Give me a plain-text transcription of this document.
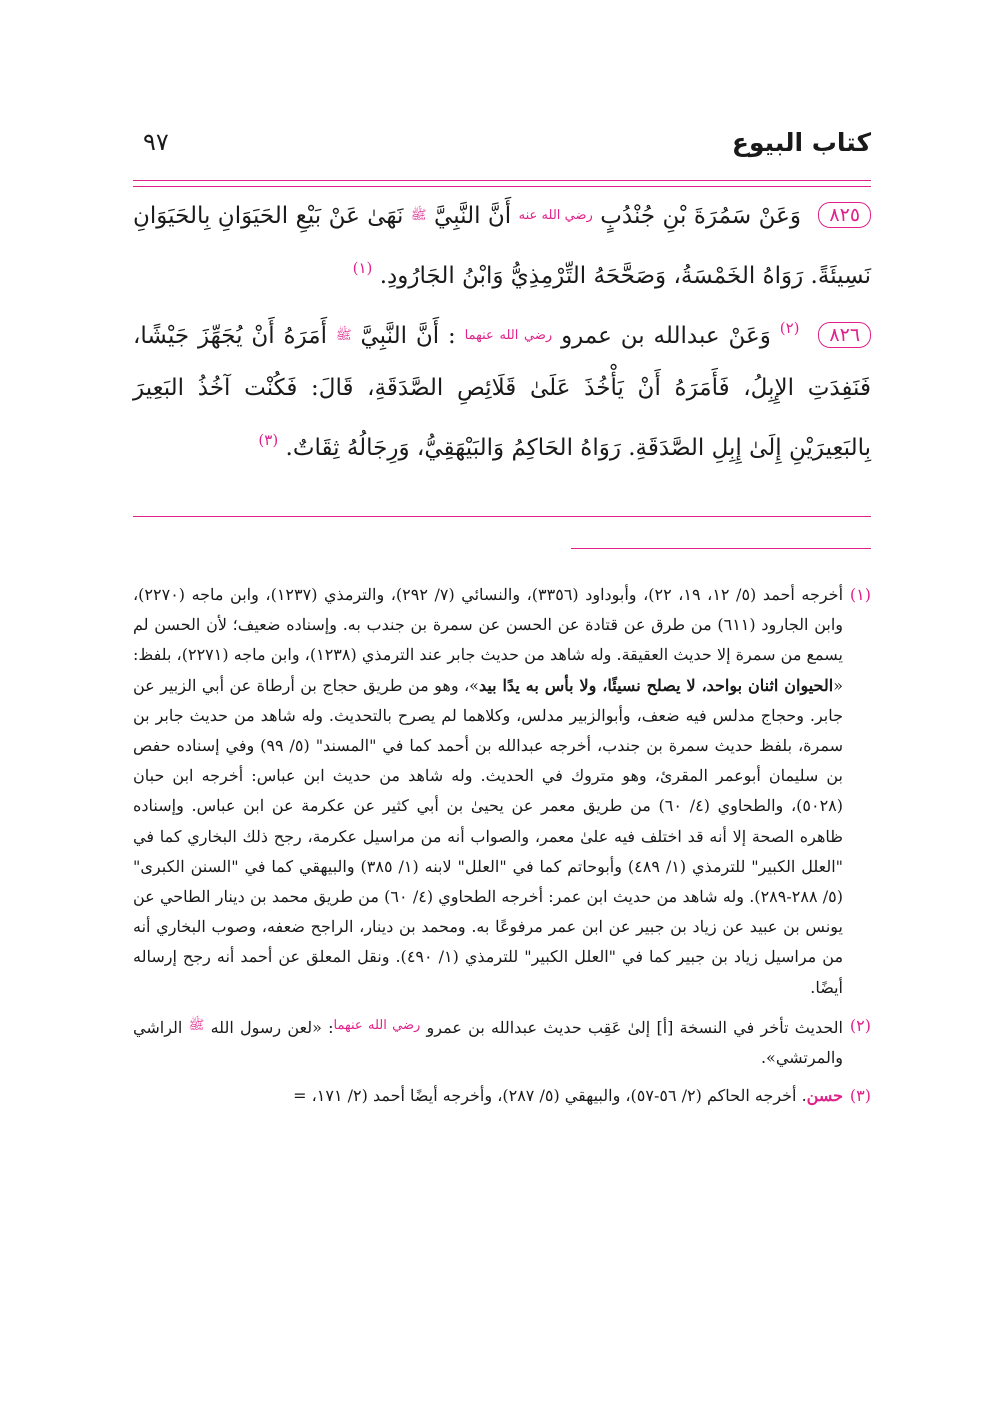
كتاب البيوع
٩٧

٨٢٥ وَعَنْ سَمُرَةَ بْنِ جُنْدُبٍ رضي الله عنه أَنَّ النَّبِيَّ ﷺ نَهَىٰ عَنْ بَيْعِ الحَيَوَانِ بِالحَيَوَانِ نَسِيئَةً. رَوَاهُ الخَمْسَةُ، وَصَحَّحَهُ التِّرْمِذِيُّ وَابْنُ الجَارُودِ. $^{(١)}$

٨٢٦ $^{(٢)}$ وَعَنْ عبدالله بن عمرو رضي الله عنهما : أَنَّ النَّبِيَّ ﷺ أَمَرَهُ أَنْ يُجَهِّزَ جَيْشًا، فَنَفِدَتِ الإِبِلُ، فَأَمَرَهُ أَنْ يَأْخُذَ عَلَىٰ قَلَائِصِ الصَّدَقَةِ، قَالَ: فَكُنْت آخُذُ البَعِيرَ بِالبَعِيرَيْنِ إِلَىٰ إِبِلِ الصَّدَقَةِ. رَوَاهُ الحَاكِمُ وَالبَيْهَقِيُّ، وَرِجَالُهُ ثِقَاتٌ. $^{(٣)}$

(١)
أخرجه أحمد (٥/ ١٢، ١٩، ٢٢)، وأبوداود (٣٣٥٦)، والنسائي (٧/ ٢٩٢)، والترمذي (١٢٣٧)، وابن ماجه (٢٢٧٠)، وابن الجارود (٦١١) من طرق عن قتادة عن الحسن عن سمرة بن جندب به. وإسناده ضعيف؛ لأن الحسن لم يسمع من سمرة إلا حديث العقيقة. وله شاهد من حديث جابر عند الترمذي (١٢٣٨)، وابن ماجه (٢٢٧١)، بلفظ: «الحيوان اثنان بواحد، لا يصلح نسيئًا، ولا بأس به يدًا بيد»، وهو من طريق حجاج بن أرطاة عن أبي الزبير عن جابر. وحجاج مدلس فيه ضعف، وأبوالزبير مدلس، وكلاهما لم يصرح بالتحديث. وله شاهد من حديث جابر بن سمرة، بلفظ حديث سمرة بن جندب، أخرجه عبدالله بن أحمد كما في "المسند" (٥/ ٩٩) وفي إسناده حفص بن سليمان أبوعمر المقرئ، وهو متروك في الحديث. وله شاهد من حديث ابن عباس: أخرجه ابن حبان (٥٠٢٨)، والطحاوي (٤/ ٦٠) من طريق معمر عن يحيىٰ بن أبي كثير عن عكرمة عن ابن عباس. وإسناده ظاهره الصحة إلا أنه قد اختلف فيه علىٰ معمر، والصواب أنه من مراسيل عكرمة، رجح ذلك البخاري كما في "العلل الكبير" للترمذي (١/ ٤٨٩) وأبوحاتم كما في "العلل" لابنه (١/ ٣٨٥) والبيهقي كما في "السنن الكبرى" (٥/ ٢٨٨-٢٨٩). وله شاهد من حديث ابن عمر: أخرجه الطحاوي (٤/ ٦٠) من طريق محمد بن دينار الطاحي عن يونس بن عبيد عن زياد بن جبير عن ابن عمر مرفوعًا به. ومحمد بن دينار، الراجح ضعفه، وصوب البخاري أنه من مراسيل زياد بن جبير كما في "العلل الكبير" للترمذي (١/ ٤٩٠). ونقل المعلق عن أحمد أنه رجح إرساله أيضًا.

(٢)
الحديث تأخر في النسخة [أ] إلىٰ عَقِب حديث عبدالله بن عمرو $^{رضي الله عنهما}$: «لعن رسول الله $^ﷺ$ الراشي والمرتشي».

(٣)
حسن. أخرجه الحاكم (٢/ ٥٦-٥٧)، والبيهقي (٥/ ٢٨٧)، وأخرجه أيضًا أحمد (٢/ ١٧١، =
